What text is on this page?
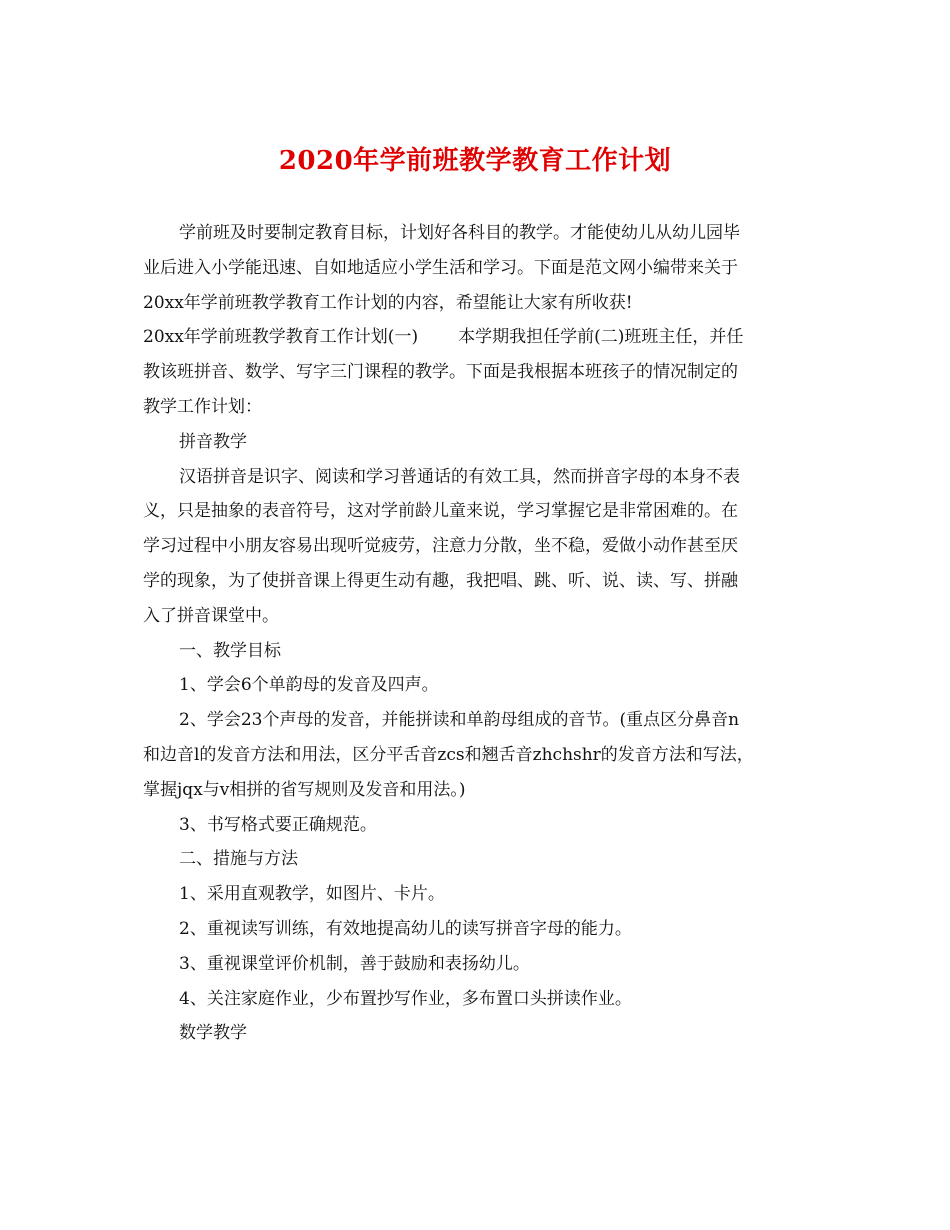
2020年学前班教学教育工作计划
学前班及时要制定教育目标，计划好各科目的教学。才能使幼儿从幼儿园毕
业后进入小学能迅速、自如地适应小学生活和学习。下面是范文网小编带来关于
20xx年学前班教学教育工作计划的内容，希望能让大家有所收获!
20xx年学前班教学教育工作计划(一) 本学期我担任学前(二)班班主任，并任
教该班拼音、数学、写字三门课程的教学。下面是我根据本班孩子的情况制定的
教学工作计划：
拼音教学
汉语拼音是识字、阅读和学习普通话的有效工具，然而拼音字母的本身不表
义，只是抽象的表音符号，这对学前龄儿童来说，学习掌握它是非常困难的。在
学习过程中小朋友容易出现听觉疲劳，注意力分散，坐不稳，爱做小动作甚至厌
学的现象，为了使拼音课上得更生动有趣，我把唱、跳、听、说、读、写、拼融
入了拼音课堂中。
一、教学目标
1、学会6个单韵母的发音及四声。
2、学会23个声母的发音，并能拼读和单韵母组成的音节。(重点区分鼻音n
和边音l的发音方法和用法，区分平舌音zcs和翘舌音zhchshr的发音方法和写法，
掌握jqx与v相拼的省写规则及发音和用法。)
3、书写格式要正确规范。
二、措施与方法
1、采用直观教学，如图片、卡片。
2、重视读写训练，有效地提高幼儿的读写拼音字母的能力。
3、重视课堂评价机制，善于鼓励和表扬幼儿。
4、关注家庭作业，少布置抄写作业，多布置口头拼读作业。
数学教学
